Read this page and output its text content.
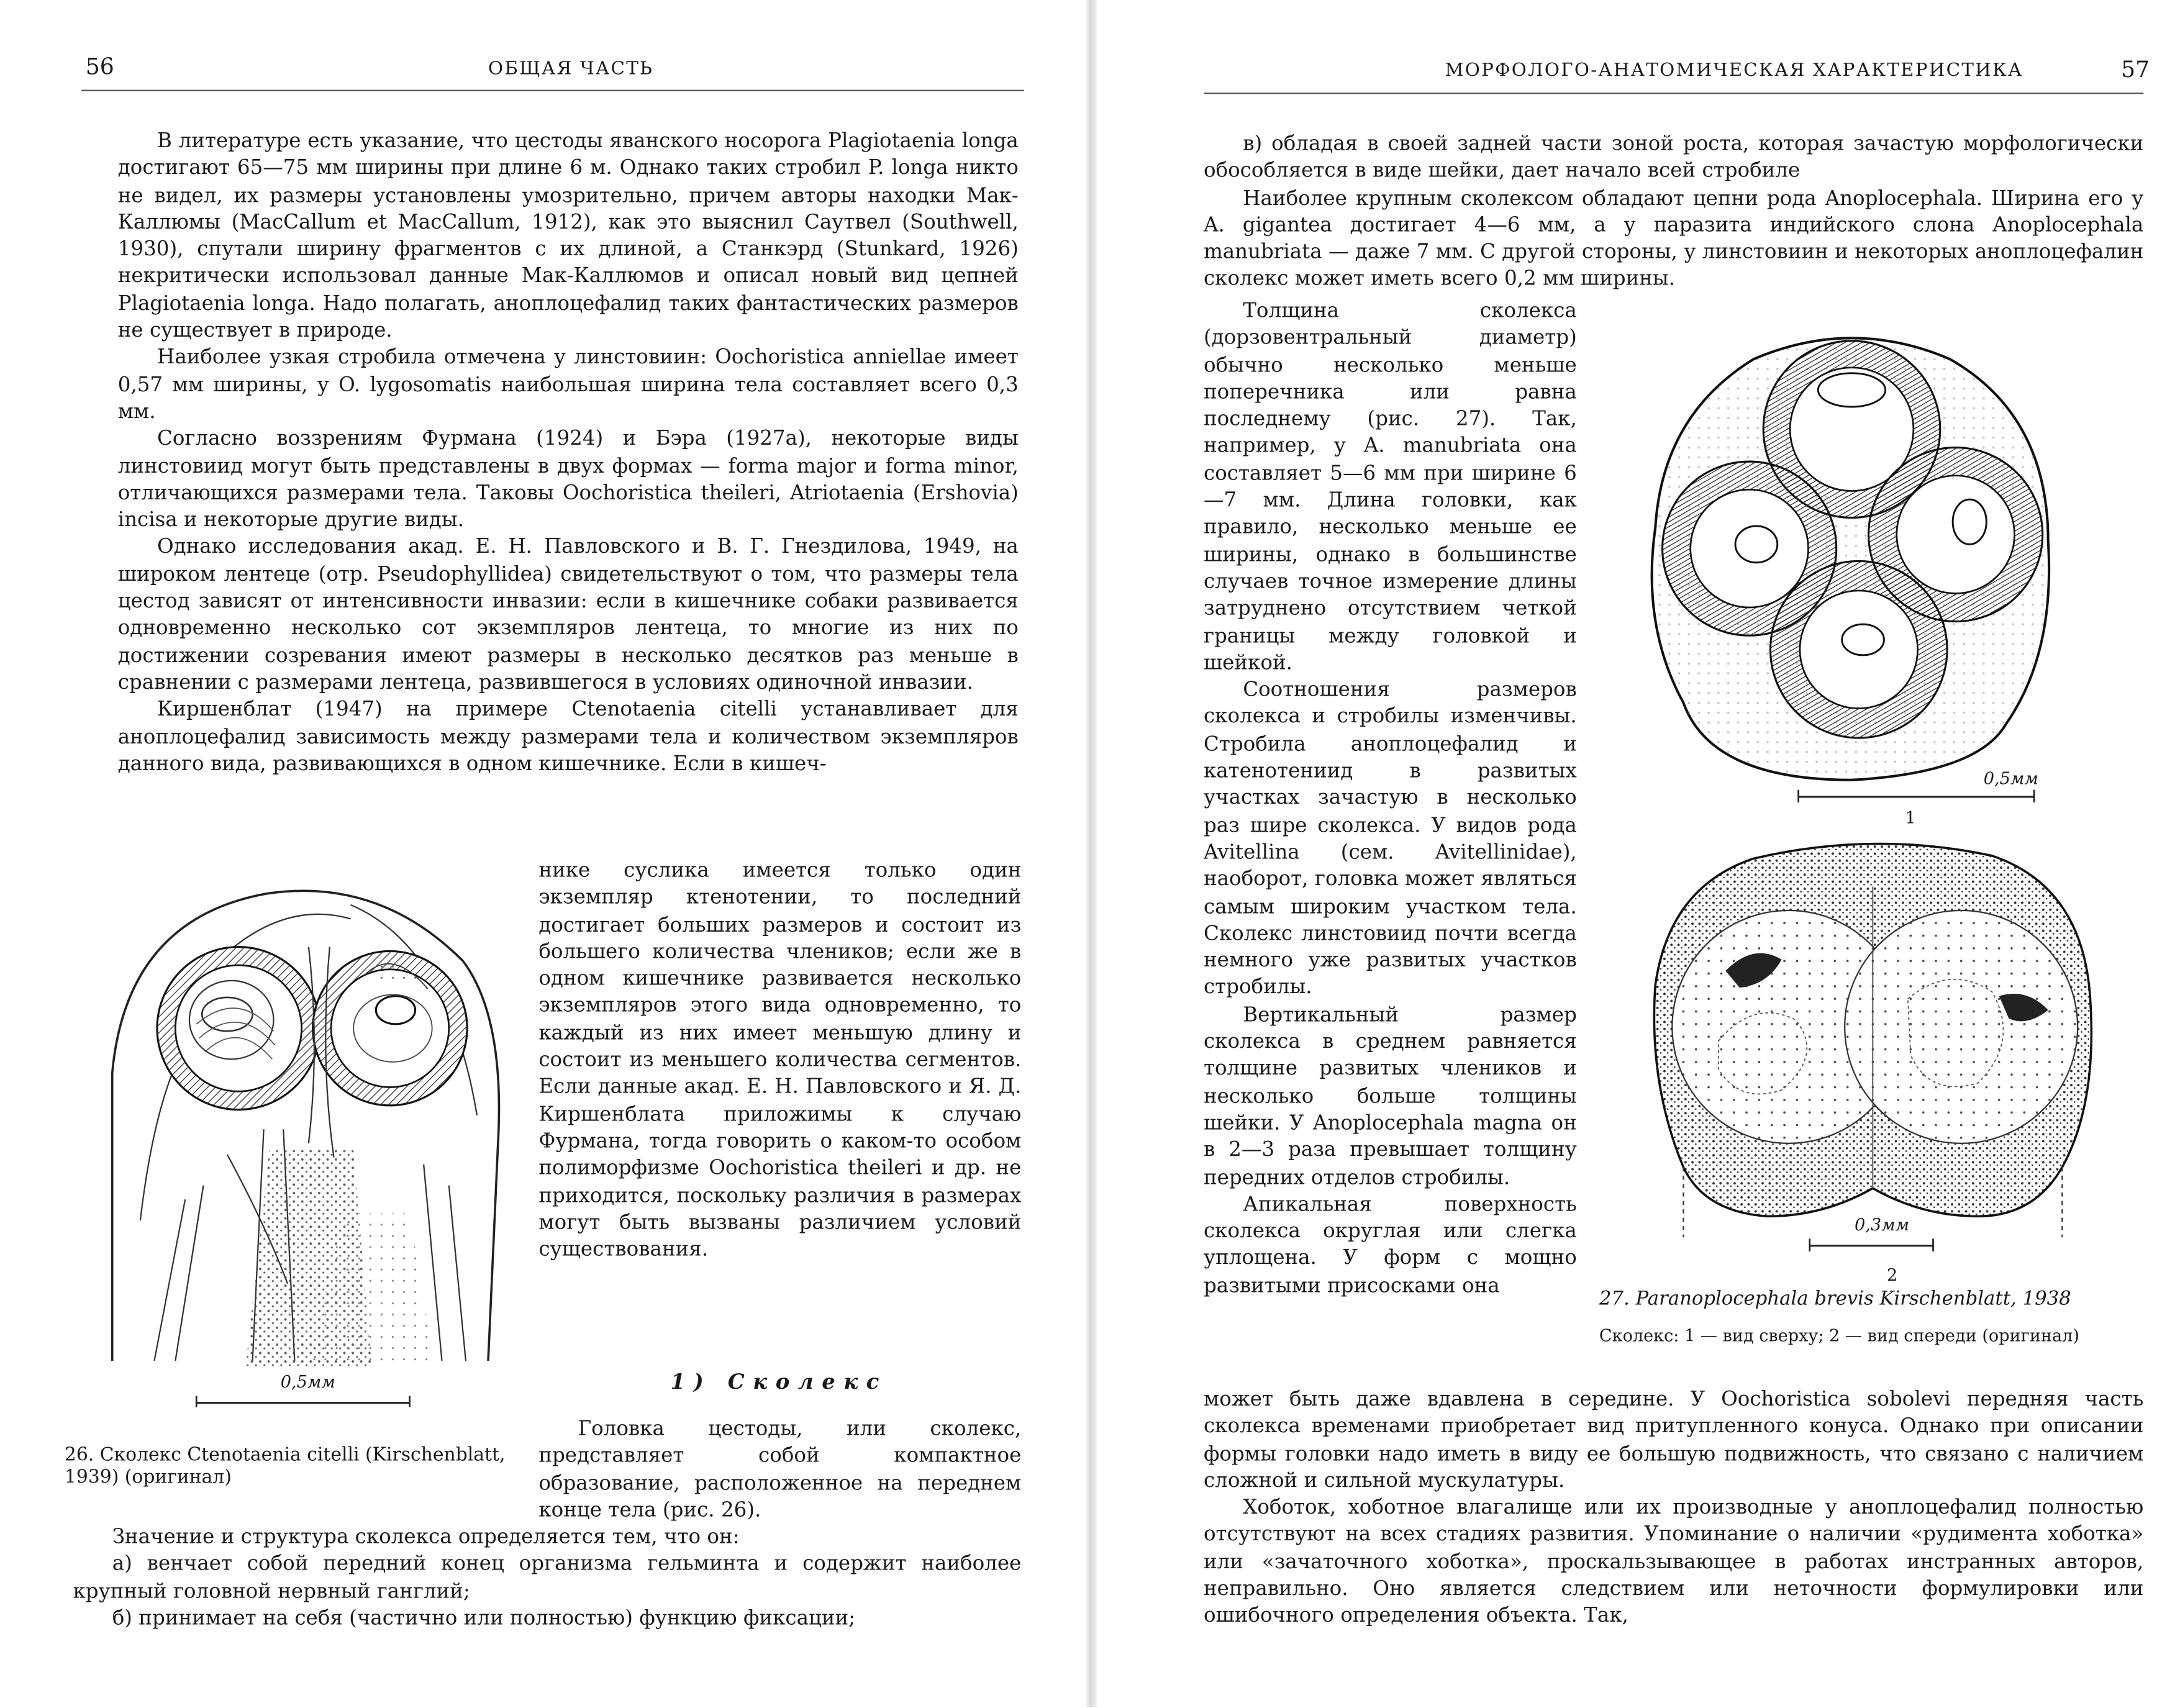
56	ОБЩАЯ ЧАСТЬ

В литературе есть указание, что цестоды яванского носорога Plagiotaenia longa достигают 65—75 мм ширины при длине 6 м. Однако таких стробил P. longa никто не видел, их размеры установлены умозрительно, причем авторы находки Мак-Каллюмы (MacCallum et MacCallum, 1912), как это выяснил Саутвел (Southwell, 1930), спутали ширину фрагментов с их длиной, а Станкэрд (Stunkard, 1926) некритически использовал данные Мак-Каллюмов и описал новый вид цепней Plagiotaenia longa. Надо полагать, аноплоцефалид таких фантастических размеров не существует в природе.

Наиболее узкая стробила отмечена у линстовиин: Oochoristica anniellae имеет 0,57 мм ширины, у O. lygosomatis наибольшая ширина тела составляет всего 0,3 мм.

Согласно воззрениям Фурмана (1924) и Бэра (1927а), некоторые виды линстовиид могут быть представлены в двух формах — forma major и forma minor, отличающихся размерами тела. Таковы Oochoristica theileri, Atriotaenia (Ershovia) incisa и некоторые другие виды.

Однако исследования акад. Е. Н. Павловского и В. Г. Гнездилова, 1949, на широком лентеце (отр. Pseudophyllidea) свидетельствуют о том, что размеры тела цестод зависят от интенсивности инвазии: если в кишечнике собаки развивается одновременно несколько сот экземпляров лентеца, то многие из них по достижении созревания имеют размеры в несколько десятков раз меньше в сравнении с размерами лентеца, развившегося в условиях одиночной инвазии.

Киршенблат (1947) на примере Ctenotaenia citelli устанавливает для аноплоцефалид зависимость между размерами тела и количеством экземпляров данного вида, развивающихся в одном кишечнике. Если в кишеч-

0,5мм
26. Сколекс Ctenotaenia citelli (Kirschenblatt, 1939) (оригинал)

нике суслика имеется только один экземпляр ктенотении, то последний достигает больших размеров и состоит из большего количества члеников; если же в одном кишечнике развивается несколько экземпляров этого вида одновременно, то каждый из них имеет меньшую длину и состоит из меньшего количества сегментов. Если данные акад. Е. Н. Павловского и Я. Д. Киршенблата приложимы к случаю Фурмана, тогда говорить о каком-то особом полиморфизме Oochoristica theileri и др. не приходится, поскольку различия в размерах могут быть вызваны различием условий существования.

1) Сколекс

Головка цестоды, или сколекс, представляет собой компактное образование, расположенное на переднем конце тела (рис. 26).

Значение и структура сколекса определяется тем, что он:

а) венчает собой передний конец организма гельминта и содержит наиболее крупный головной нервный ганглий;

б) принимает на себя (частично или полностью) функцию фиксации;

МОРФОЛОГО-АНАТОМИЧЕСКАЯ ХАРАКТЕРИСТИКА	57

в) обладая в своей задней части зоной роста, которая зачастую морфологически обособляется в виде шейки, дает начало всей стробиле

Наиболее крупным сколексом обладают цепни рода Anoplocephala. Ширина его у A. gigantea достигает 4—6 мм, а у паразита индийского слона Anoplocephala manubriata — даже 7 мм. С другой стороны, у линстовиин и некоторых аноплоцефалин сколекс может иметь всего 0,2 мм ширины.

Толщина сколекса (дорзовентральный диаметр) обычно несколько меньше поперечника или равна последнему (рис. 27). Так, например, у A. manubriata она составляет 5—6 мм при ширине 6—7 мм. Длина головки, как правило, несколько меньше ее ширины, однако в большинстве случаев точное измерение длины затруднено отсутствием четкой границы между головкой и шейкой.

Соотношения размеров сколекса и стробилы изменчивы. Стробила аноплоцефалид и катенотениид в развитых участках зачастую в несколько раз шире сколекса. У видов рода Avitellina (сем. Avitellinidae), наоборот, головка может являться самым широким участком тела. Сколекс линстовиид почти всегда немного уже развитых участков стробилы.

Вертикальный размер сколекса в среднем равняется толщине развитых члеников и несколько больше толщины шейки. У Anoplocephala magna он в 2—3 раза превышает толщину передних отделов стробилы.

Апикальная поверхность сколекса округлая или слегка уплощена. У форм с мощно развитыми присосками она

0,5мм
1
0,3мм
2
27. Paranoplocephala brevis Kirschenblatt, 1938
Сколекс: 1 — вид сверху; 2 — вид спереди (оригинал)

может быть даже вдавлена в середине. У Oochoristica sobolevi передняя часть сколекса временами приобретает вид притупленного конуса. Однако при описании формы головки надо иметь в виду ее большую подвижность, что связано с наличием сложной и сильной мускулатуры.

Хоботок, хоботное влагалище или их производные у аноплоцефалид полностью отсутствуют на всех стадиях развития. Упоминание о наличии «рудимента хоботка» или «зачаточного хоботка», проскальзывающее в работах инстранных авторов, неправильно. Оно является следствием или неточности формулировки или ошибочного определения объекта. Так,
